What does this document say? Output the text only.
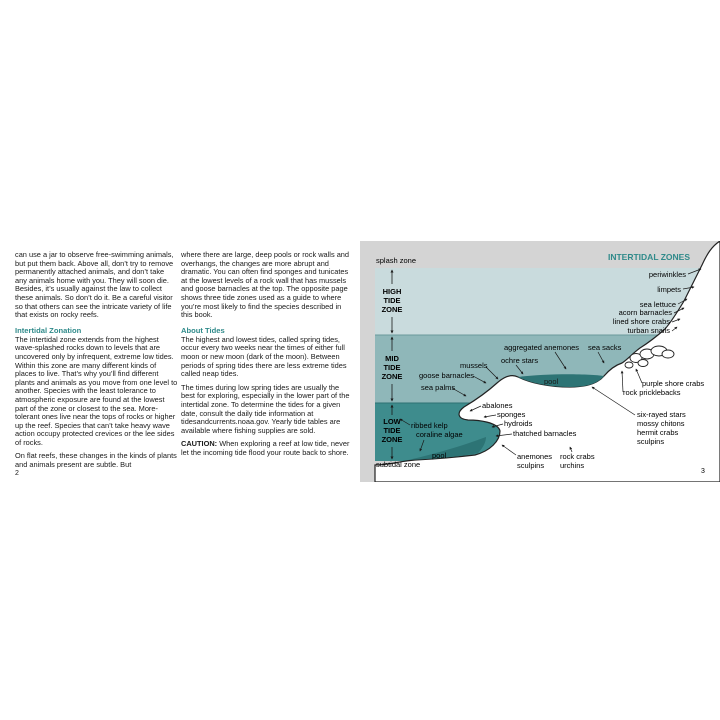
can use a jar to observe free-swimming animals, but put them back. Above all, don’t try to remove permanently attached animals, and don’t take any animals home with you. They will soon die. Besides, it’s usually against the law to collect these animals. So don’t do it. Be a careful visitor so that others can see the intricate variety of life that exists on rocky reefs.

Intertidal Zonation

The intertidal zone extends from the highest wave-splashed rocks down to levels that are uncovered only by infrequent, extreme low tides. Within this zone are many different kinds of places to live. That’s why you’ll find different plants and animals as you move from one level to another. Species with the least tolerance to atmospheric exposure are found at the lowest part of the zone or closest to the sea. More-tolerant ones live near the tops of rocks or higher up the reef. Species that can’t take heavy wave action occupy protected crevices or the lee sides of rocks.

On flat reefs, these changes in the kinds of plants and animals present are subtle. But

where there are large, deep pools or rock walls and overhangs, the changes are more abrupt and dramatic. You can often find sponges and tunicates at the lowest levels of a rock wall that has mussels and goose barnacles at the top. The opposite page shows three tide zones used as a guide to where you’re most likely to find the species described in this book.

About Tides

The highest and lowest tides, called spring tides, occur every two weeks near the times of either full moon or new moon (dark of the moon). Between periods of spring tides there are less extreme tides called neap tides.

The times during low spring tides are usually the best for exploring, especially in the lower part of the intertidal zone. To determine the tides for a given date, consult the daily tide information at tidesandcurrents.noaa.gov. Yearly tide tables are available where fishing supplies are sold.

CAUTION: When exploring a reef at low tide, never let the incoming tide flood your route back to shore.

2
splash zone
HIGH
TIDE
ZONE
MID
TIDE
ZONE
LOW
TIDE
ZONE
subtidal zone
INTERTIDAL ZONES
periwinkles
limpets
sea lettuce
acorn barnacles
lined shore crabs
turban snails
aggregated anemones sea sacks
mussels
ochre stars
goose barnacles
pool
sea palms	purple shore crabs
rock pricklebacks
abalones
sponges
hydroids
thatched barnacles
ribbed kelp
coraline algae
pool
six-rayed stars
mossy chitons
hermit crabs
sculpins
anemones
sculpins
rock crabs
urchins
3
